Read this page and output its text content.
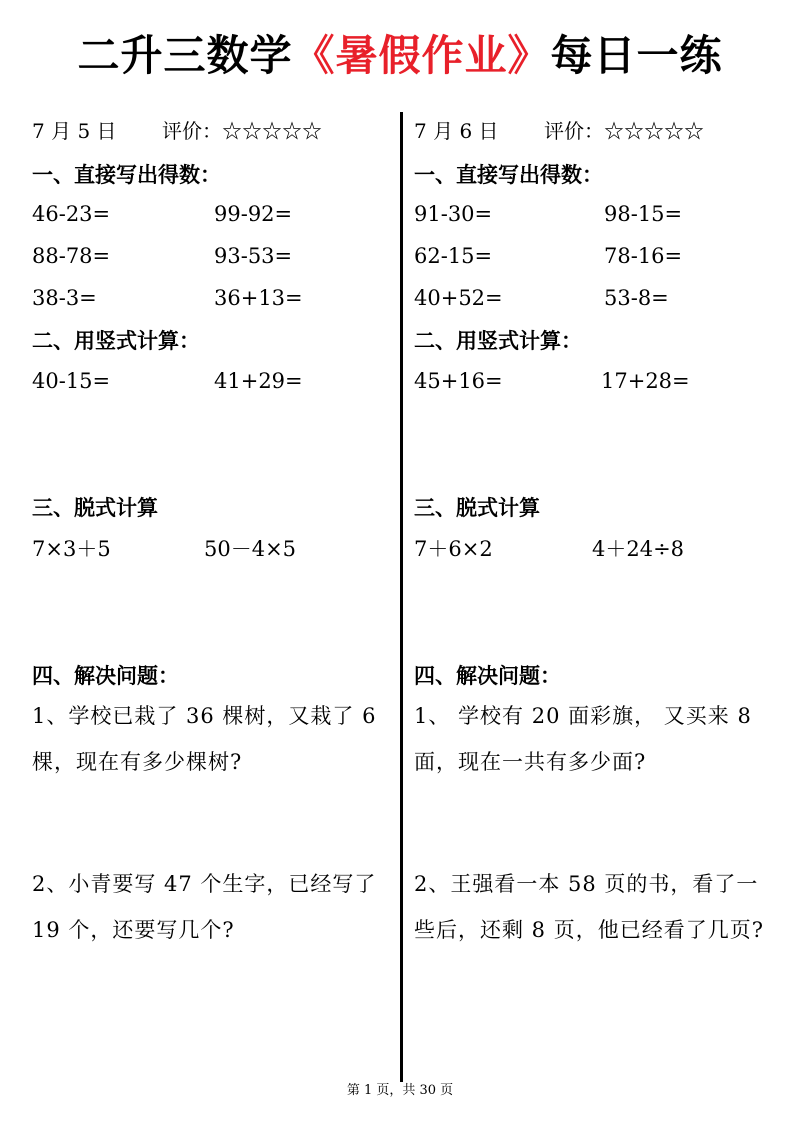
二升三数学《暑假作业》每日一练
7 月 5 日 评价：☆☆☆☆☆
一、直接写出得数：
46-23=	99-92=
88-78=	93-53=
38-3=	36+13=
二、用竖式计算：
40-15=	41+29=
三、脱式计算
7×3＋5	50－4×5
四、解决问题：
1、学校已栽了 36 棵树，又栽了 6 棵，现在有多少棵树?
2、小青要写 47 个生字，已经写了 19 个，还要写几个?
7 月 6 日 评价：☆☆☆☆☆
一、直接写出得数：
91-30=	98-15=
62-15=	78-16=
40+52=	53-8=
二、用竖式计算：
45+16=	17+28=
三、脱式计算
7＋6×2	4＋24÷8
四、解决问题：
1、 学校有 20 面彩旗， 又买来 8 面，现在一共有多少面?
2、王强看一本 58 页的书，看了一些后，还剩 8 页，他已经看了几页?
第 1 页，共 30 页
